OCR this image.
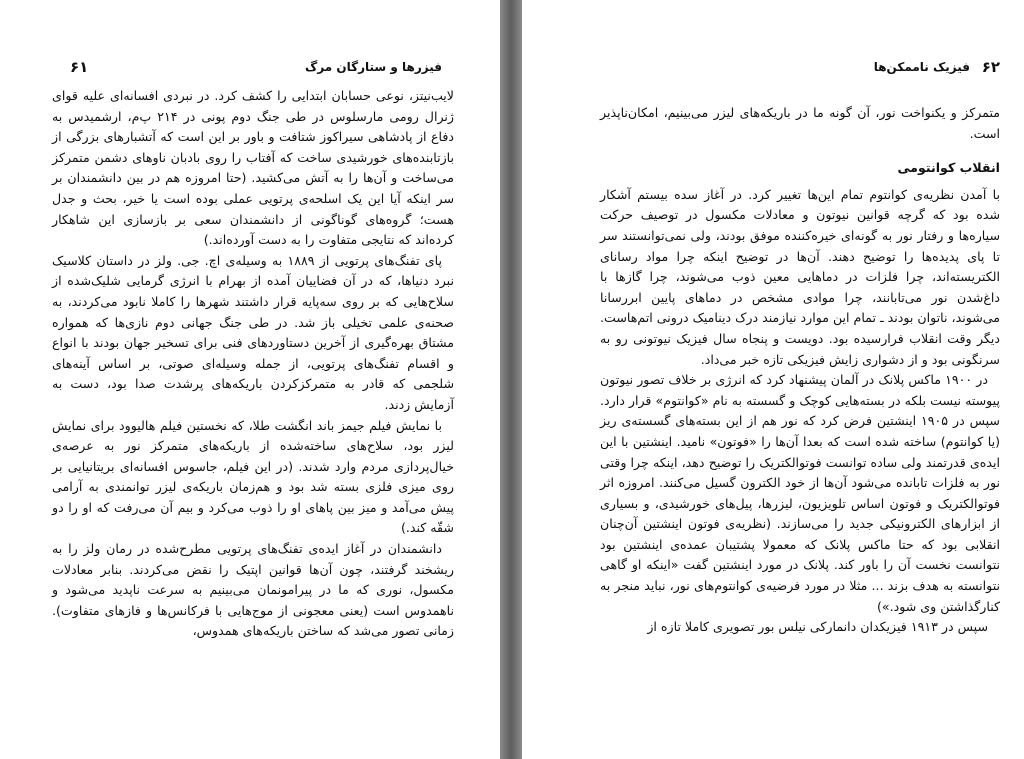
۶۱	فیزرها و ستارگان مرگ

لایب‌نیتز، نوعی حسابان ابتدایی را کشف کرد. در نبردی افسانه‌ای علیه قوای ژنرال رومی مارسلوس در طی جنگ دوم پونی در ۲۱۴ پ‌م، ارشمیدس به دفاع از پادشاهی سیراکوز شتافت و باور بر این است که آتشبارهای بزرگی از بازتابنده‌های خورشیدی ساخت که آفتاب را روی بادبان ناوهای دشمن متمرکز می‌ساخت و آن‌ها را به آتش می‌کشید. (حتا امروزه هم در بین دانشمندان بر سر اینکه آیا این یک اسلحه‌ی پرتویی عملی بوده است یا خیر، بحث و جدل هست؛ گروه‌های گوناگونی از دانشمندان سعی بر بازسازی این شاهکار کرده‌اند که نتایجی متفاوت را به دست آورده‌اند.)

پای تفنگ‌های پرتویی از ۱۸۸۹ به وسیله‌ی اچ. جی. ولز در داستان کلاسیک نبرد دنیاها، که در آن فضاییان آمده از بهرام با انرژی گرمایی شلیک‌شده از سلاح‌هایی که بر روی سه‌پایه قرار داشتند شهرها را کاملا نابود می‌کردند، به صحنه‌ی علمی تخیلی باز شد. در طی جنگ جهانی دوم نازی‌ها که همواره مشتاق بهره‌گیری از آخرین دستاوردهای فنی برای تسخیر جهان بودند با انواع و اقسام تفنگ‌های پرتویی، از جمله وسیله‌ای صوتی، بر اساس آینه‌های شلجمی که قادر به متمرکزکردن باریکه‌های پرشدت صدا بود، دست به آزمایش زدند.

با نمایش فیلم جیمز باند انگشت طلا، که نخستین فیلم هالیوود برای نمایش لیزر بود، سلاح‌های ساخته‌شده از باریکه‌های متمرکز نور به عرصه‌ی خیال‌پردازی مردم وارد شدند. (در این فیلم، جاسوس افسانه‌ای بریتانیایی بر روی میزی فلزی بسته شد بود و هم‌زمان باریکه‌ی لیزر توانمندی به آرامی پیش می‌آمد و میز بین پاهای او را ذوب می‌کرد و بیم آن می‌رفت که او را دو شقّه کند.)

دانشمندان در آغاز ایده‌ی تفنگ‌های پرتویی مطرح‌شده در رمان ولز را به ریشخند گرفتند، چون آن‌ها قوانین اپتیک را نقض می‌کردند. بنابر معادلات مکسول، نوری که ما در پیرامونمان می‌بینیم به سرعت ناپدید می‌شود و ناهمدوس است (یعنی معجونی از موج‌هایی با فرکانس‌ها و فازهای متفاوت). زمانی تصور می‌شد که ساختن باریکه‌های همدوس،

۶۲
فیزیک ناممکن‌ها

متمرکز و یکنواخت نور، آن گونه ما در باریکه‌های لیزر می‌بینیم، امکان‌ناپذیر است.

انقلاب کوانتومی

با آمدن نظریه‌ی کوانتوم تمام این‌ها تغییر کرد. در آغاز سده بیستم آشکار شده بود که گرچه قوانین نیوتون و معادلات مکسول در توصیف حرکت سیاره‌ها و رفتار نور به گونه‌ای خیره‌کننده موفق بودند، ولی نمی‌توانستند سر تا پای پدیده‌ها را توضیح دهند. آن‌ها در توضیح اینکه چرا مواد رسانای الکتریسته‌اند، چرا فلزات در دماهایی معین ذوب می‌شوند، چرا گازها با داغ‌شدن نور می‌تابانند، چرا موادی مشخص در دماهای پایین ابررسانا می‌شوند، ناتوان بودند ـ تمام این موارد نیازمند درک دینامیک درونی اتم‌هاست. دیگر وقت انقلاب فرارسیده بود. دویست و پنجاه سال فیزیک نیوتونی رو به سرنگونی بود و از دشواری زایش فیزیکی تازه خبر می‌داد.

در ۱۹۰۰ ماکس پلانک در آلمان پیشنهاد کرد که انرژی بر خلاف تصور نیوتون پیوسته نیست بلکه در بسته‌هایی کوچک و گسسته به نام «کوانتوم» قرار دارد. سپس در ۱۹۰۵ اینشتین فرض کرد که نور هم از این بسته‌های گسسته‌ی ریز (یا کوانتوم) ساخته شده است که بعدا آن‌ها را «فوتون» نامید. اینشتین با این ایده‌ی قدرتمند ولی ساده توانست فوتوالکتریک را توضیح دهد، اینکه چرا وقتی نور به فلزات تابانده می‌شود آن‌ها از خود الکترون گسیل می‌کنند. امروزه اثر فوتوالکتریک و فوتون اساس تلویزیون، لیزرها، پیل‌های خورشیدی، و بسیاری از ابزارهای الکترونیکی جدید را می‌سازند. (نظریه‌ی فوتون اینشتین آن‌چنان انقلابی بود که حتا ماکس پلانک که معمولا پشتیبان عمده‌ی اینشتین بود نتوانست نخست آن را باور کند. پلانک در مورد اینشتین گفت «اینکه او گاهی نتوانسته به هدف بزند ... مثلا در مورد فرضیه‌ی کوانتوم‌های نور، نباید منجر به کنارگذاشتن وی شود.»)

سپس در ۱۹۱۳ فیزیکدان دانمارکی نیلس بور تصویری کاملا تازه از
